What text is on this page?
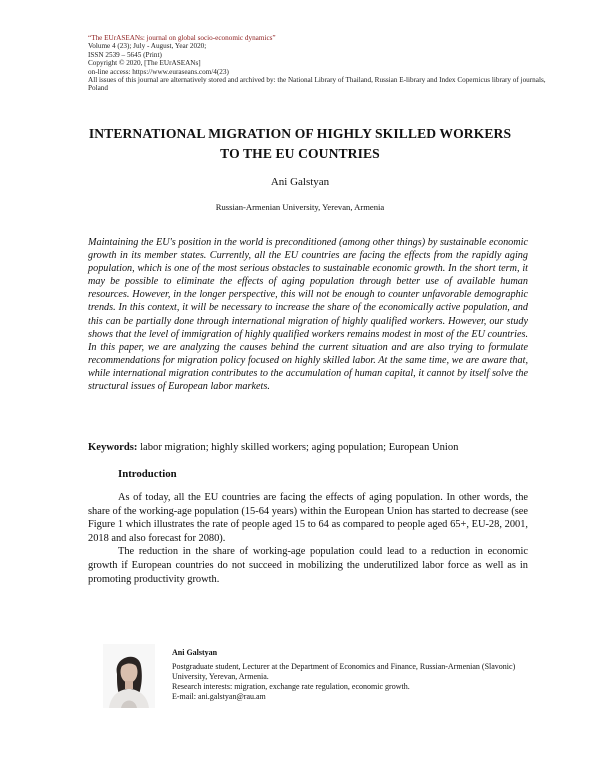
“The EUrASEANs: journal on global socio-economic dynamics”
Volume 4 (23); July - August, Year 2020;
ISSN 2539 – 5645 (Print)
Copyright © 2020, [The EUrASEANs]
on-line access: https://www.euraseans.com/4(23)
All issues of this journal are alternatively stored and archived by: the National Library of Thailand, Russian E-library and Index Copernicus library of journals, Poland
INTERNATIONAL MIGRATION OF HIGHLY SKILLED WORKERS
TO THE EU COUNTRIES
Ani Galstyan
Russian-Armenian University, Yerevan, Armenia

Maintaining the EU's position in the world is preconditioned (among other things) by sustainable economic growth in its member states. Currently, all the EU countries are facing the effects from the rapidly aging population, which is one of the most serious obstacles to sustainable economic growth. In the short term, it may be possible to eliminate the effects of aging population through better use of available human resources. However, in the longer perspective, this will not be enough to counter unfavorable demographic trends. In this context, it will be necessary to increase the share of the economically active population, and this can be partially done through international migration of highly qualified workers. However, our study shows that the level of immigration of highly qualified workers remains modest in most of the EU countries. In this paper, we are analyzing the causes behind the current situation and are also trying to formulate recommendations for migration policy focused on highly skilled labor. At the same time, we are aware that, while international migration contributes to the accumulation of human capital, it cannot by itself solve the structural issues of European labor markets.

Keywords: labor migration; highly skilled workers; aging population; European Union
Introduction

As of today, all the EU countries are facing the effects of aging population. In other words, the share of the working-age population (15-64 years) within the European Union has started to decrease (see Figure 1 which illustrates the rate of people aged 15 to 64 as compared to people aged 65+, EU-28, 2001, 2018 and also forecast for 2080).

The reduction in the share of working-age population could lead to a reduction in economic growth if European countries do not succeed in mobilizing the underutilized labor force as well as in promoting productivity growth.

Ani Galstyan
Postgraduate student, Lecturer at the Department of Economics and Finance, Russian-Armenian (Slavonic) University, Yerevan, Armenia.
Research interests: migration, exchange rate regulation, economic growth.
E-mail: ani.galstyan@rau.am
